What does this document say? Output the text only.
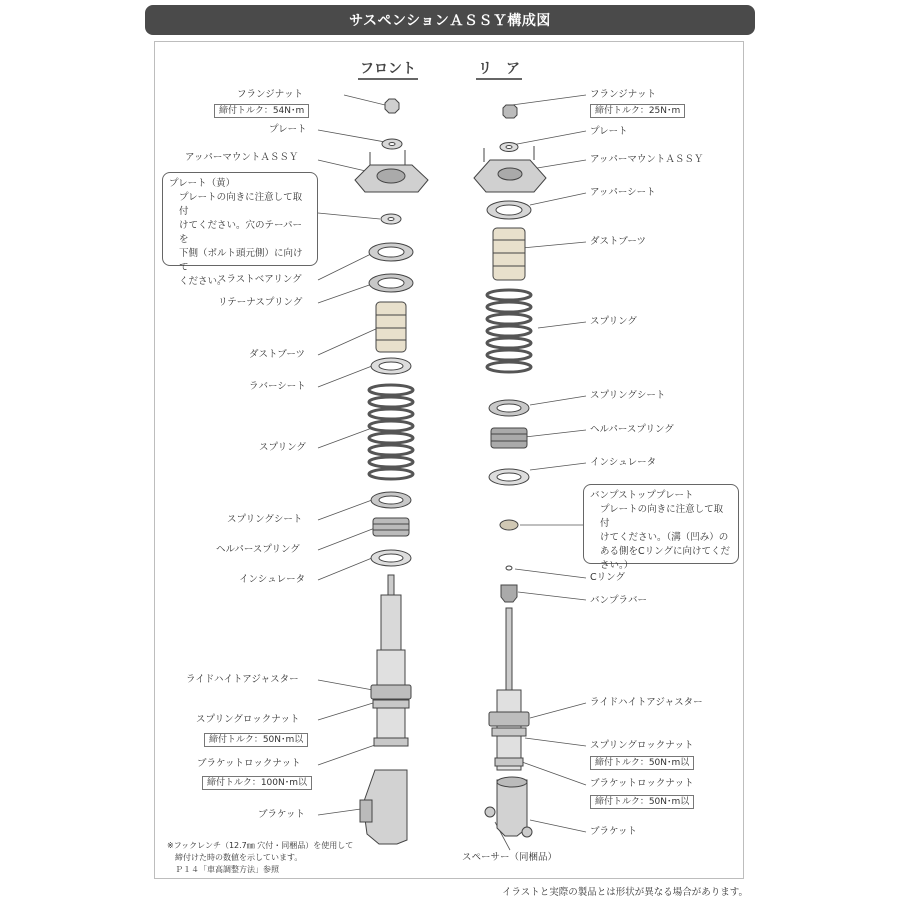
サスペンションＡＳＳＹ構成図
フロント	リ　ア
フランジナット
締付トルク：54N･m
プレート
アッパーマウントＡＳＳＹ
プレート（黄）
プレートの向きに注意して取付
けてください。穴のテーパーを
下側（ボルト頭元側）に向けて
ください。
スラストベアリング
リテーナスプリング
ダストブーツ
ラバーシート
スプリング
スプリングシート
ヘルパースプリング
インシュレータ
ライドハイトアジャスター
スプリングロックナット
締付トルク：50N･m以
ブラケットロックナット
締付トルク：100N･m以
ブラケット
※フックレンチ（12.7㎜ 穴付・同梱品）を使用して
　締付けた時の数値を示しています。
　Ｐ１４「車高調整方法」参照
フランジナット
締付トルク：25N･m
プレート
アッパーマウントＡＳＳＹ
アッパーシート
ダストブーツ
スプリング
スプリングシート
ヘルパースプリング
インシュレータ
バンプストッププレート
プレートの向きに注意して取付
けてください。（溝（凹み）の
ある側をCリングに向けてくだ
さい。）
Cリング
バンプラバー
ライドハイトアジャスター
スプリングロックナット
締付トルク：50N･m以
ブラケットロックナット
締付トルク：50N･m以
ブラケット
スペーサー（同梱品）
イラストと実際の製品とは形状が異なる場合があります。
